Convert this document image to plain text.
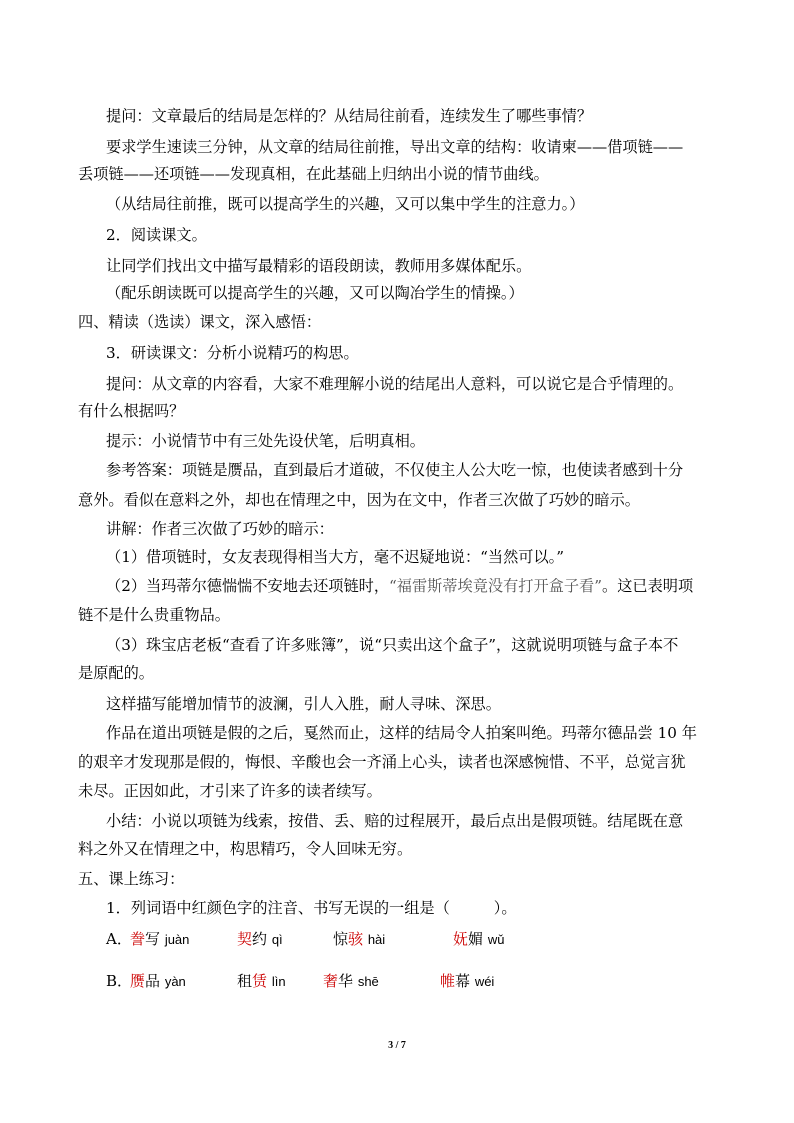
提问：文章最后的结局是怎样的？从结局往前看，连续发生了哪些事情？
要求学生速读三分钟，从文章的结局往前推，导出文章的结构：收请柬——借项链——
丢项链——还项链——发现真相，在此基础上归纳出小说的情节曲线。
（从结局往前推，既可以提高学生的兴趣，又可以集中学生的注意力。）
2．阅读课文。
让同学们找出文中描写最精彩的语段朗读，教师用多媒体配乐。
（配乐朗读既可以提高学生的兴趣，又可以陶冶学生的情操。）
四、精读（选读）课文，深入感悟：
3．研读课文：分析小说精巧的构思。
提问：从文章的内容看，大家不难理解小说的结尾出人意料，可以说它是合乎情理的。
有什么根据吗？
提示：小说情节中有三处先设伏笔，后明真相。
参考答案：项链是赝品，直到最后才道破，不仅使主人公大吃一惊，也使读者感到十分
意外。看似在意料之外，却也在情理之中，因为在文中，作者三次做了巧妙的暗示。
讲解：作者三次做了巧妙的暗示：
（1）借项链时，女友表现得相当大方，毫不迟疑地说：“当然可以。”
（2）当玛蒂尔德惴惴不安地去还项链时，“福雷斯蒂埃竟没有打开盒子看”。这已表明项
链不是什么贵重物品。
（3）珠宝店老板“查看了许多账簿”，说“只卖出这个盒子”，这就说明项链与盒子本不
是原配的。
这样描写能增加情节的波澜，引人入胜，耐人寻味、深思。
作品在道出项链是假的之后，戛然而止，这样的结局令人拍案叫绝。玛蒂尔德品尝 10 年
的艰辛才发现那是假的，悔恨、辛酸也会一齐涌上心头，读者也深感惋惜、不平，总觉言犹
未尽。正因如此，才引来了许多的读者续写。
小结：小说以项链为线索，按借、丢、赔的过程展开，最后点出是假项链。结尾既在意
料之外又在情理之中，构思精巧，令人回味无穷。
五、课上练习：
1．列词语中红颜色字的注音、书写无误的一组是（	）。
A．
誊写 juàn	契约 qì	惊骇 hài	妩媚 wǔ
B．
赝品 yàn	租赁 lìn 奢华 shē	帷幕 wéi
3 / 7
